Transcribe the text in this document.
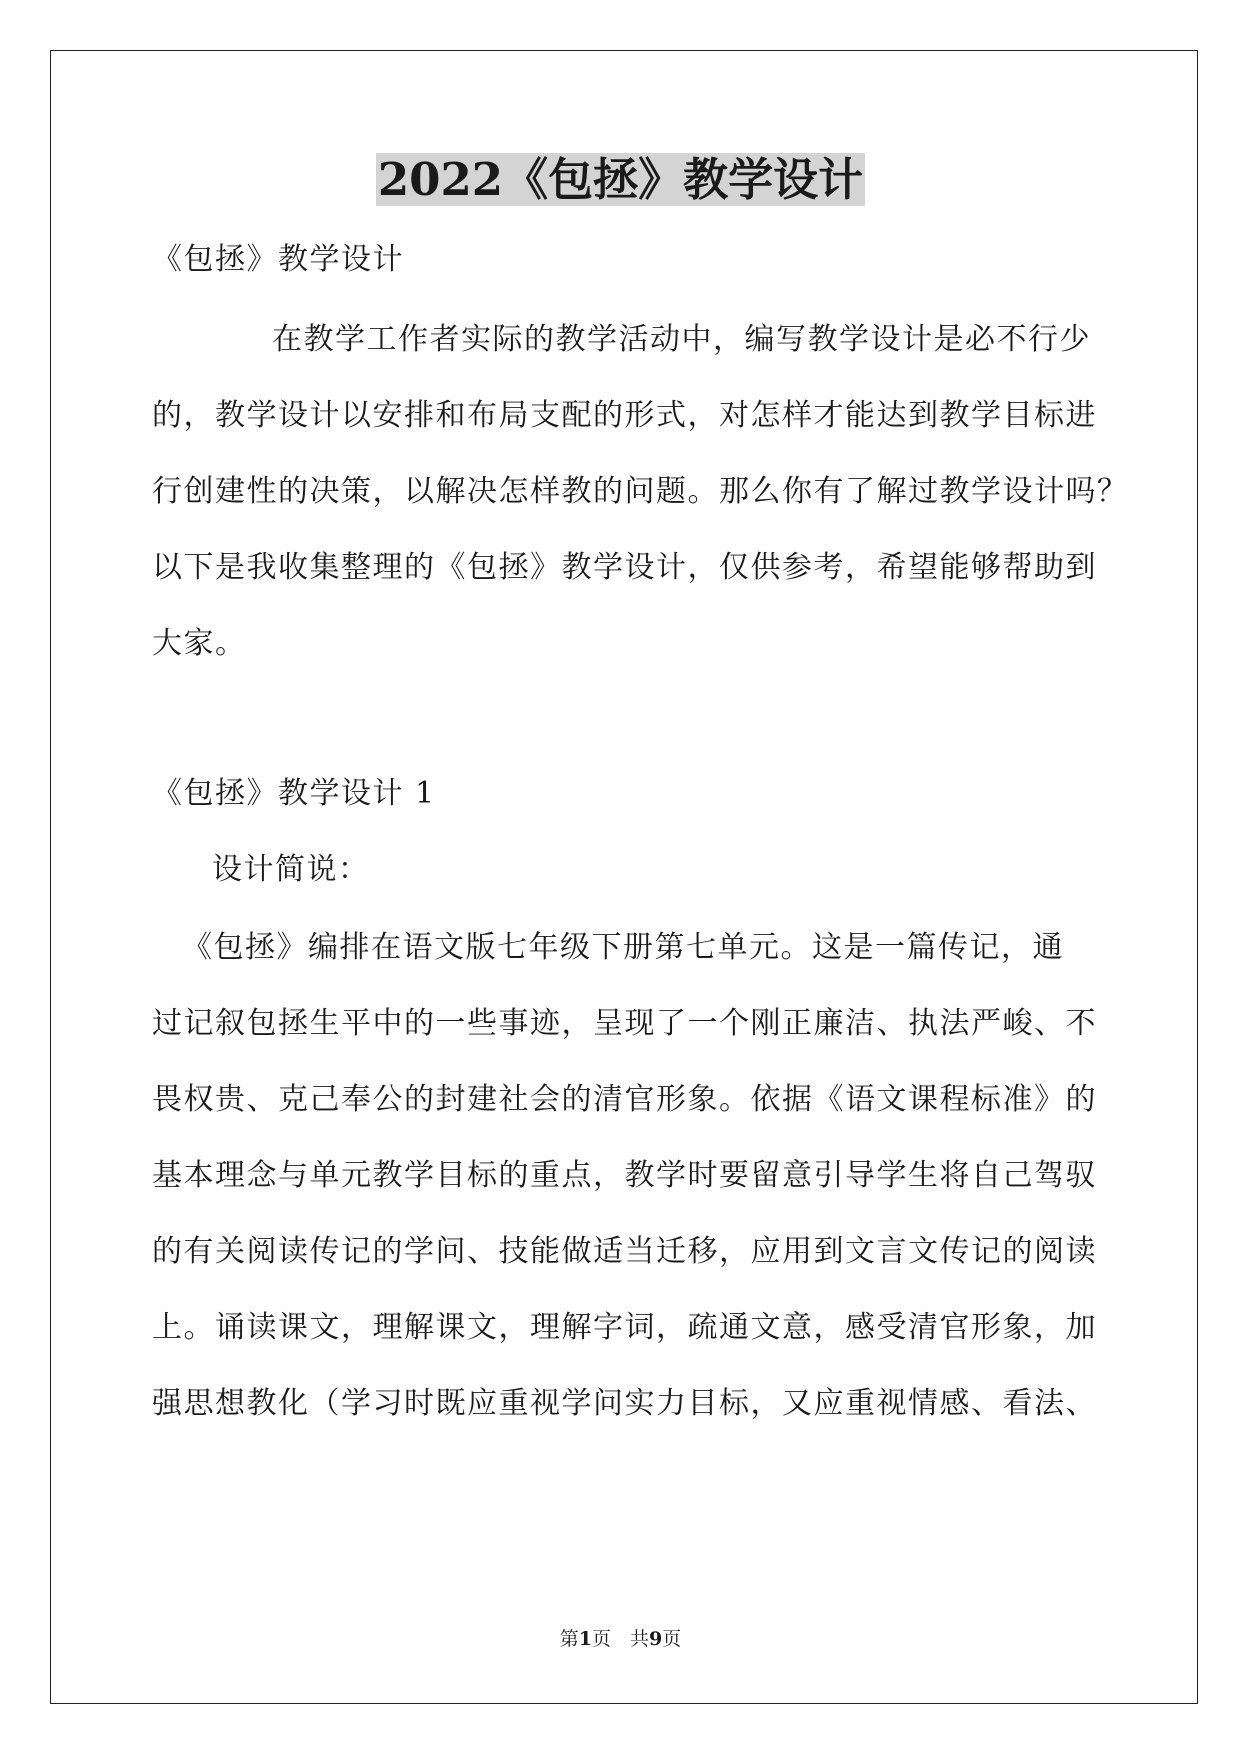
2022《包拯》教学设计
《包拯》教学设计
在教学工作者实际的教学活动中，编写教学设计是必不行少
的，教学设计以安排和布局支配的形式，对怎样才能达到教学目标进
行创建性的决策，以解决怎样教的问题。那么你有了解过教学设计吗？
以下是我收集整理的《包拯》教学设计，仅供参考，希望能够帮助到
大家。
《包拯》教学设计 1
设计简说：
《包拯》编排在语文版七年级下册第七单元。这是一篇传记，通
过记叙包拯生平中的一些事迹，呈现了一个刚正廉洁、执法严峻、不
畏权贵、克己奉公的封建社会的清官形象。依据《语文课程标准》的
基本理念与单元教学目标的重点，教学时要留意引导学生将自己驾驭
的有关阅读传记的学问、技能做适当迁移，应用到文言文传记的阅读
上。诵读课文，理解课文，理解字词，疏通文意，感受清官形象，加
强思想教化（学习时既应重视学问实力目标，又应重视情感、看法、
第1页　共9页
